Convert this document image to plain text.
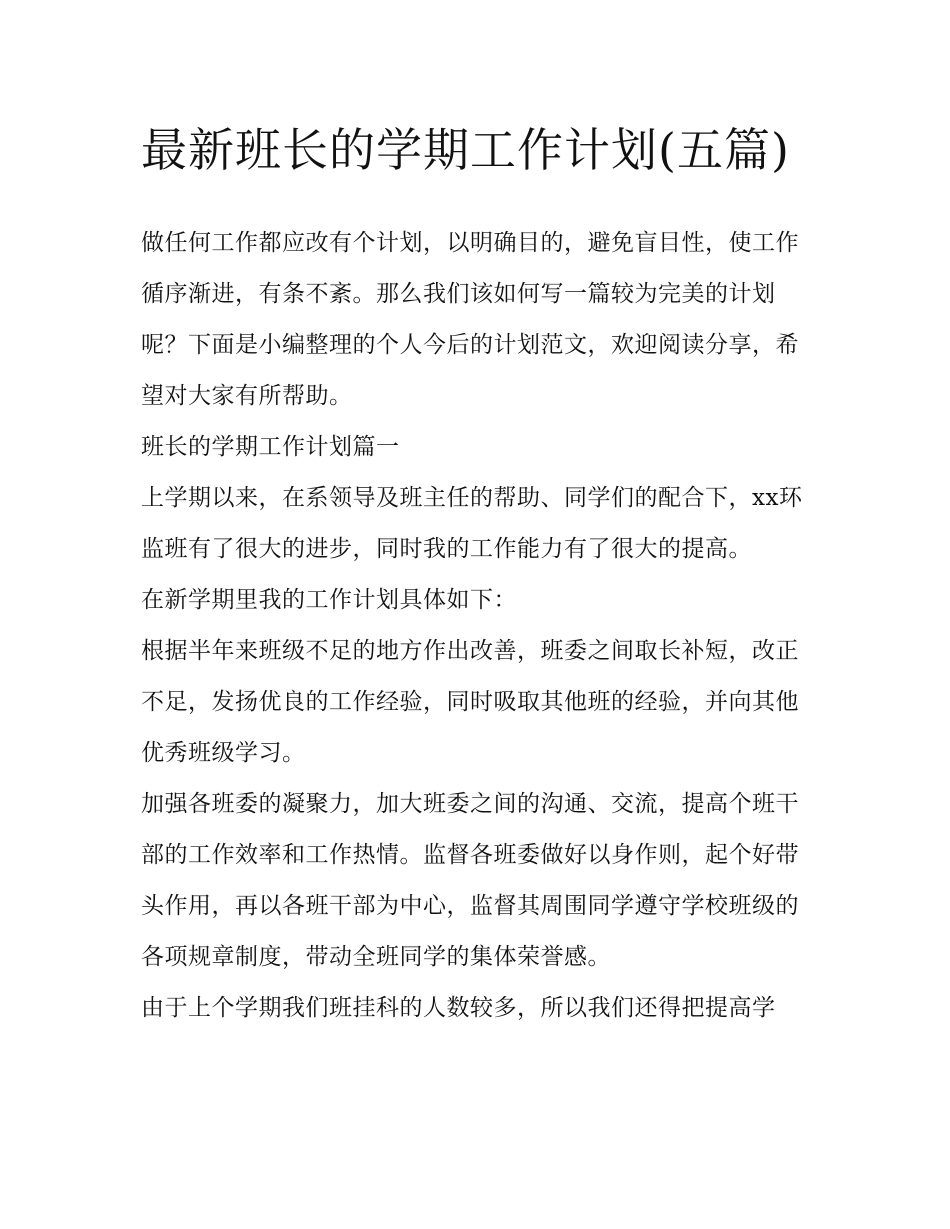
最新班长的学期工作计划(五篇)

做任何工作都应改有个计划，以明确目的，避免盲目性，使工作循序渐进，有条不紊。那么我们该如何写一篇较为完美的计划呢？下面是小编整理的个人今后的计划范文，欢迎阅读分享，希望对大家有所帮助。

班长的学期工作计划篇一

上学期以来，在系领导及班主任的帮助、同学们的配合下，xx环监班有了很大的进步，同时我的工作能力有了很大的提高。

在新学期里我的工作计划具体如下：

根据半年来班级不足的地方作出改善，班委之间取长补短，改正不足，发扬优良的工作经验，同时吸取其他班的经验，并向其他优秀班级学习。

加强各班委的凝聚力，加大班委之间的沟通、交流，提高个班干部的工作效率和工作热情。监督各班委做好以身作则，起个好带头作用，再以各班干部为中心，监督其周围同学遵守学校班级的各项规章制度，带动全班同学的集体荣誉感。

由于上个学期我们班挂科的人数较多，所以我们还得把提高学
